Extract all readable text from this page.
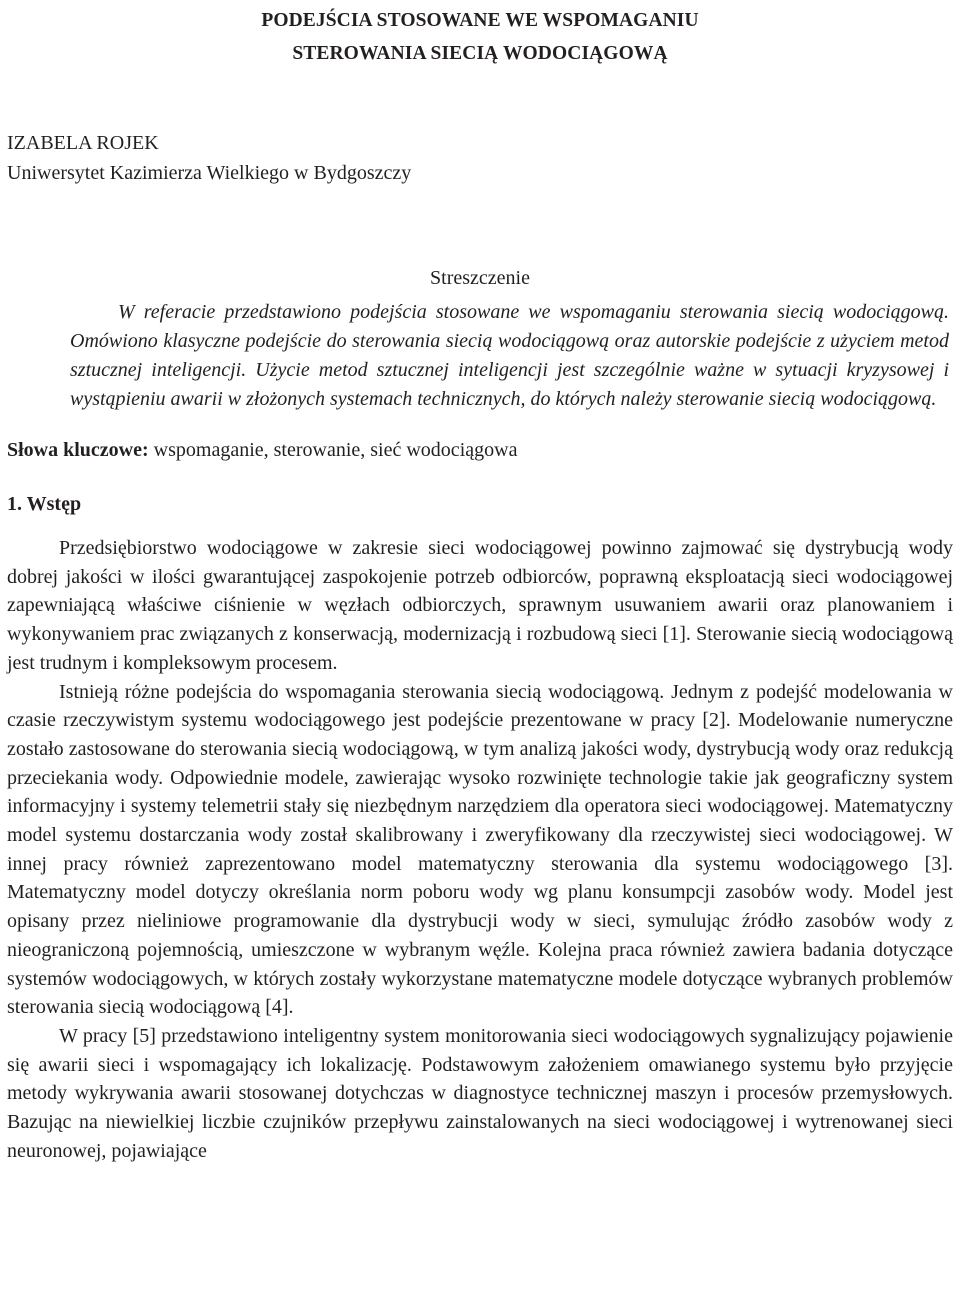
PODEJŚCIA STOSOWANE WE WSPOMAGANIU
STEROWANIA SIECIĄ WODOCIĄGOWĄ
IZABELA ROJEK
Uniwersytet Kazimierza Wielkiego w Bydgoszczy
Streszczenie

W referacie przedstawiono podejścia stosowane we wspomaganiu sterowania siecią wodociągową. Omówiono klasyczne podejście do sterowania siecią wodociągową oraz autorskie podejście z użyciem metod sztucznej inteligencji. Użycie metod sztucznej inteligencji jest szczególnie ważne w sytuacji kryzysowej i wystąpieniu awarii w złożonych systemach technicznych, do których należy sterowanie siecią wodociągową.

Słowa kluczowe: wspomaganie, sterowanie, sieć wodociągowa
1. Wstęp

Przedsiębiorstwo wodociągowe w zakresie sieci wodociągowej powinno zajmować się dystrybucją wody dobrej jakości w ilości gwarantującej zaspokojenie potrzeb odbiorców, poprawną eksploatacją sieci wodociągowej zapewniającą właściwe ciśnienie w węzłach odbiorczych, sprawnym usuwaniem awarii oraz planowaniem i wykonywaniem prac związanych z konserwacją, modernizacją i rozbudową sieci [1]. Sterowanie siecią wodociągową jest trudnym i kompleksowym procesem.

Istnieją różne podejścia do wspomagania sterowania siecią wodociągową. Jednym z podejść modelowania w czasie rzeczywistym systemu wodociągowego jest podejście prezentowane w pracy [2]. Modelowanie numeryczne zostało zastosowane do sterowania siecią wodociągową, w tym analizą jakości wody, dystrybucją wody oraz redukcją przeciekania wody. Odpowiednie modele, zawierając wysoko rozwinięte technologie takie jak geograficzny system informacyjny i systemy telemetrii stały się niezbędnym narzędziem dla operatora sieci wodociągowej. Matematyczny model systemu dostarczania wody został skalibrowany i zweryfikowany dla rzeczywistej sieci wodociągowej. W innej pracy również zaprezentowano model matematyczny sterowania dla systemu wodociągowego [3]. Matematyczny model dotyczy określania norm poboru wody wg planu konsumpcji zasobów wody. Model jest opisany przez nieliniowe programowanie dla dystrybucji wody w sieci, symulując źródło zasobów wody z nieograniczoną pojemnością, umieszczone w wybranym węźle. Kolejna praca również zawiera badania dotyczące systemów wodociągowych, w których zostały wykorzystane matematyczne modele dotyczące wybranych problemów sterowania siecią wodociągową [4].

W pracy [5] przedstawiono inteligentny system monitorowania sieci wodociągowych sygnalizujący pojawienie się awarii sieci i wspomagający ich lokalizację. Podstawowym założeniem omawianego systemu było przyjęcie metody wykrywania awarii stosowanej dotychczas w diagnostyce technicznej maszyn i procesów przemysłowych. Bazując na niewielkiej liczbie czujników przepływu zainstalowanych na sieci wodociągowej i wytrenowanej sieci neuronowej, pojawiające
